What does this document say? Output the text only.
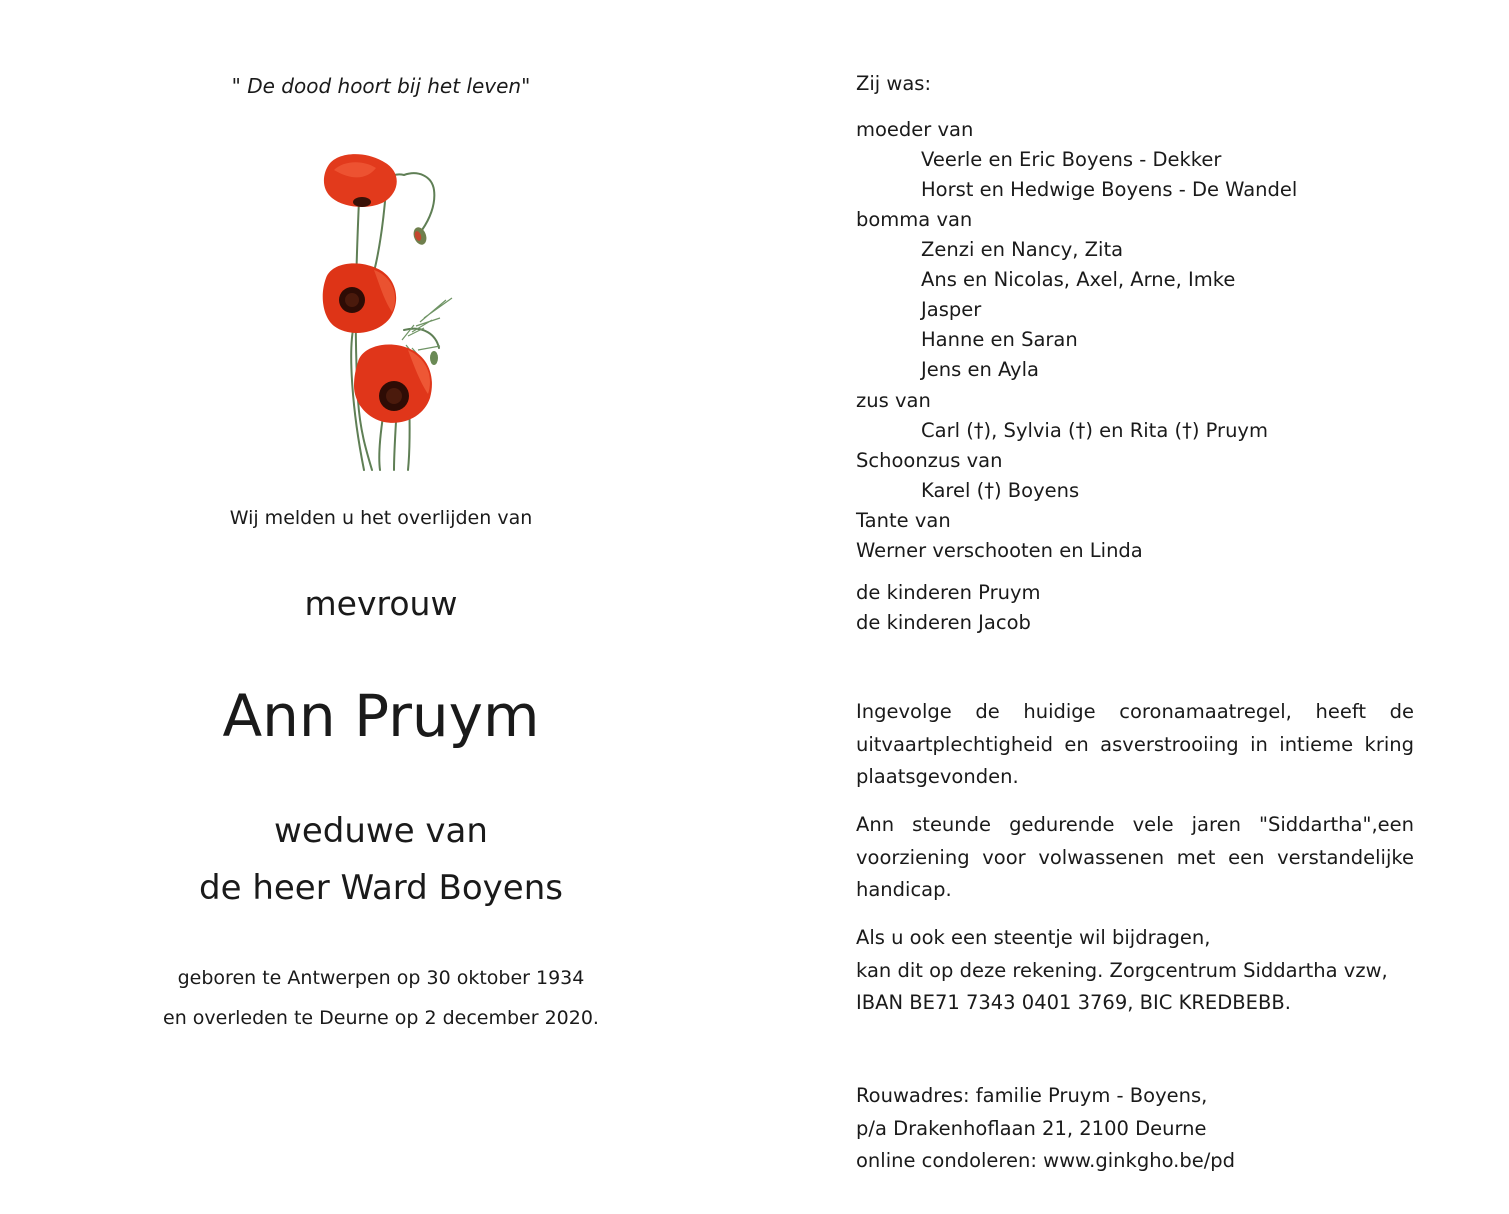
" De dood hoort bij het leven"
Wij melden u het overlijden van
mevrouw
Ann Pruym
weduwe van
de heer Ward Boyens
geboren te Antwerpen op 30 oktober 1934
en overleden te Deurne op 2 december 2020.
Zij was:
moeder van
Veerle en Eric Boyens - Dekker
Horst en Hedwige Boyens - De Wandel
bomma van
Zenzi en Nancy, Zita
Ans en Nicolas, Axel, Arne, Imke
Jasper
Hanne en Saran
Jens en Ayla
zus van
Carl (†), Sylvia (†) en Rita (†) Pruym
Schoonzus van
Karel (†) Boyens
Tante van
Werner verschooten en Linda
de kinderen Pruym
de kinderen Jacob
Ingevolge de huidige coronamaatregel, heeft de uitvaartplechtigheid en asverstrooiing in intieme kring plaatsgevonden.
Ann steunde gedurende vele jaren "Siddartha",een voorziening voor volwassenen met een verstandelijke handicap.
Als u ook een steentje wil bijdragen,
kan dit op deze rekening. Zorgcentrum Siddartha vzw,
IBAN BE71 7343 0401 3769, BIC KREDBEBB.
Rouwadres: familie Pruym - Boyens,
p/a Drakenhoflaan 21, 2100 Deurne
online condoleren: www.ginkgho.be/pd
